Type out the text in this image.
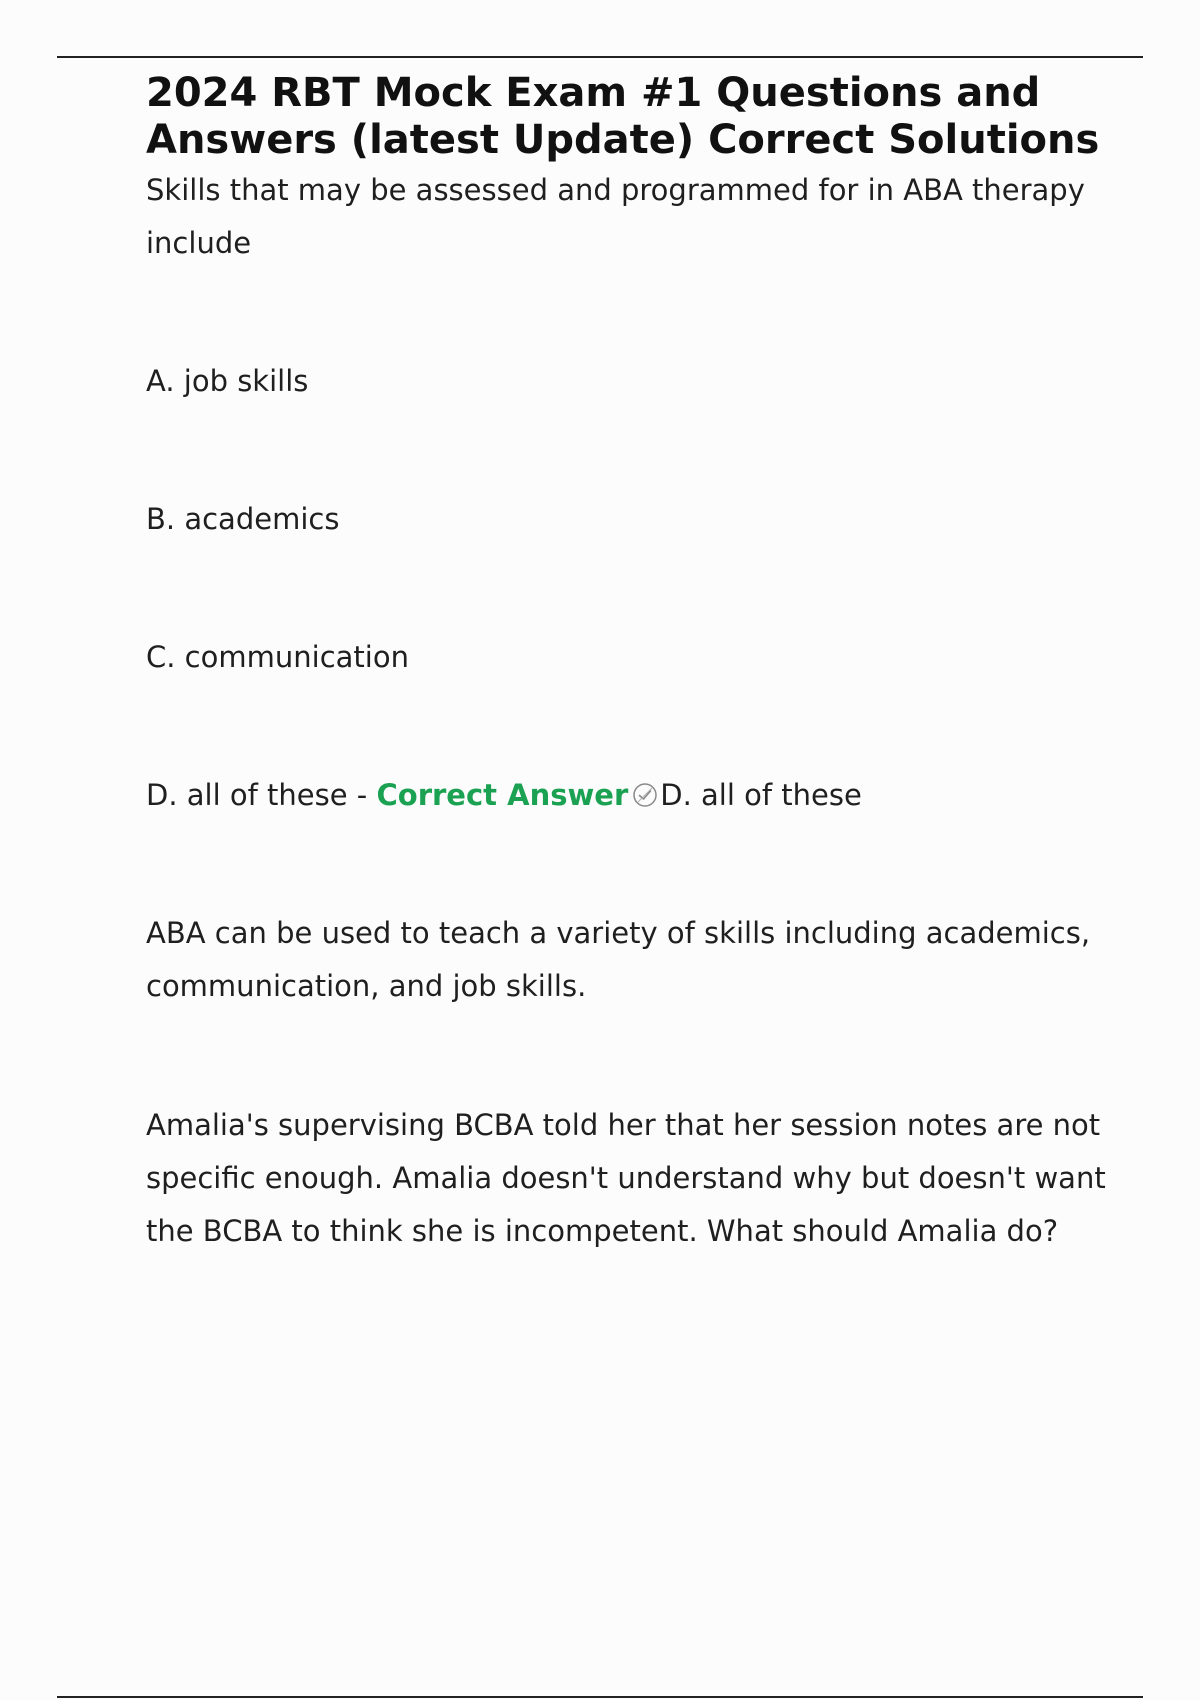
2024 RBT Mock Exam #1 Questions and Answers (latest Update) Correct Solutions

Skills that may be assessed and programmed for in ABA therapy include

A. job skills

B. academics

C. communication

D. all of these - Correct Answer D. all of these

ABA can be used to teach a variety of skills including academics, communication, and job skills.

Amalia's supervising BCBA told her that her session notes are not specific enough. Amalia doesn't understand why but doesn't want the BCBA to think she is incompetent. What should Amalia do?
